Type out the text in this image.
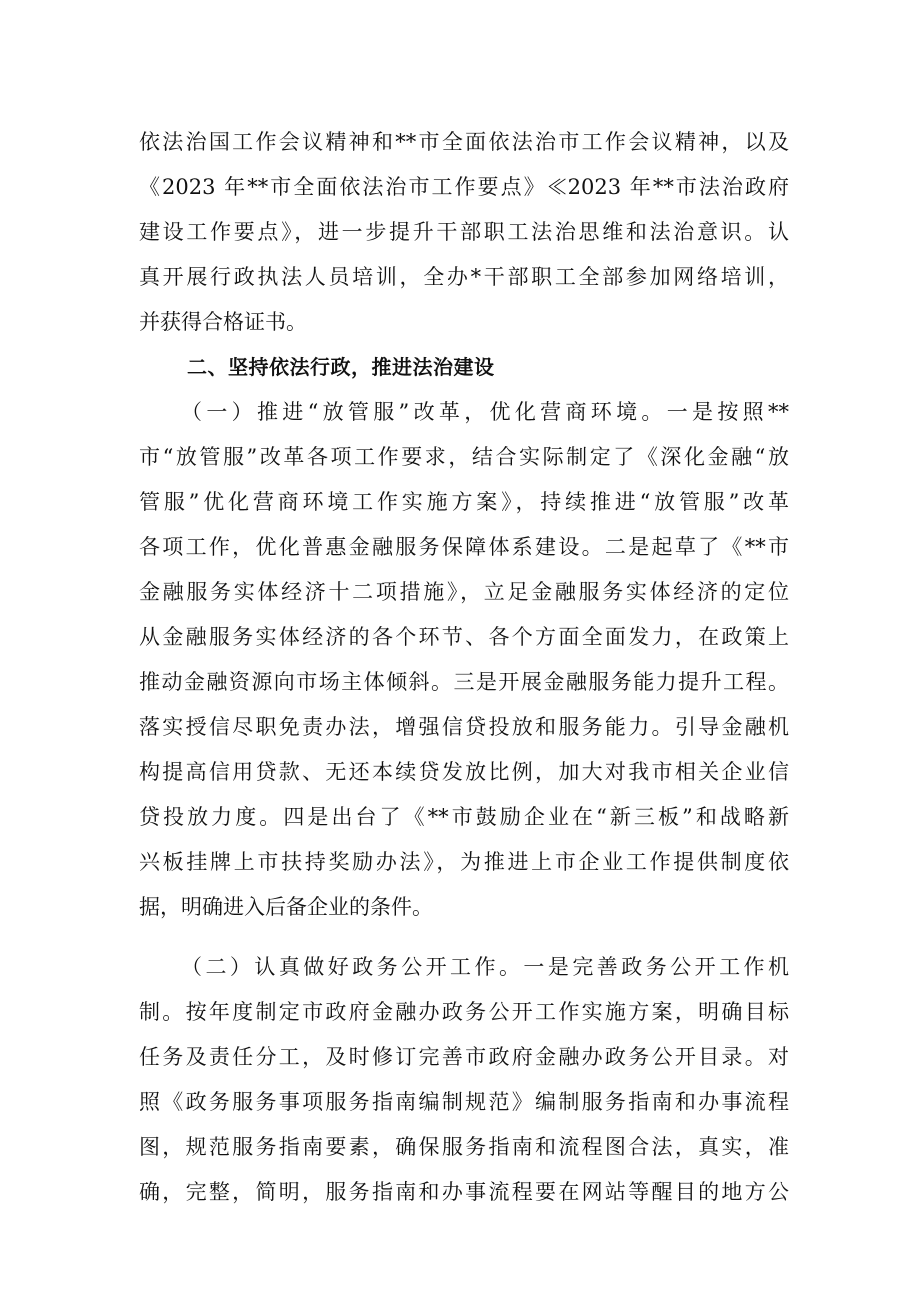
依法治国工作会议精神和**市全面依法治市工作会议精神，以及
《2023 年**市全面依法治市工作要点》≪2023 年**市法治政府
建设工作要点》，进一步提升干部职工法治思维和法治意识。认
真开展行政执法人员培训，全办*干部职工全部参加网络培训，
并获得合格证书。
二、坚持依法行政，推进法治建设
（一）推进“放管服”改革，优化营商环境。一是按照**
市“放管服”改革各项工作要求，结合实际制定了《深化金融“放
管服”优化营商环境工作实施方案》，持续推进“放管服”改革
各项工作，优化普惠金融服务保障体系建设。二是起草了《**市
金融服务实体经济十二项措施》，立足金融服务实体经济的定位
从金融服务实体经济的各个环节、各个方面全面发力，在政策上
推动金融资源向市场主体倾斜。三是开展金融服务能力提升工程。
落实授信尽职免责办法，增强信贷投放和服务能力。引导金融机
构提高信用贷款、无还本续贷发放比例，加大对我市相关企业信
贷投放力度。四是出台了《**市鼓励企业在“新三板”和战略新
兴板挂牌上市扶持奖励办法》，为推进上市企业工作提供制度依
据，明确进入后备企业的条件。
（二）认真做好政务公开工作。一是完善政务公开工作机
制。按年度制定市政府金融办政务公开工作实施方案，明确目标
任务及责任分工，及时修订完善市政府金融办政务公开目录。对
照《政务服务事项服务指南编制规范》编制服务指南和办事流程
图，规范服务指南要素，确保服务指南和流程图合法，真实，准
确，完整，简明，服务指南和办事流程要在网站等醒目的地方公
